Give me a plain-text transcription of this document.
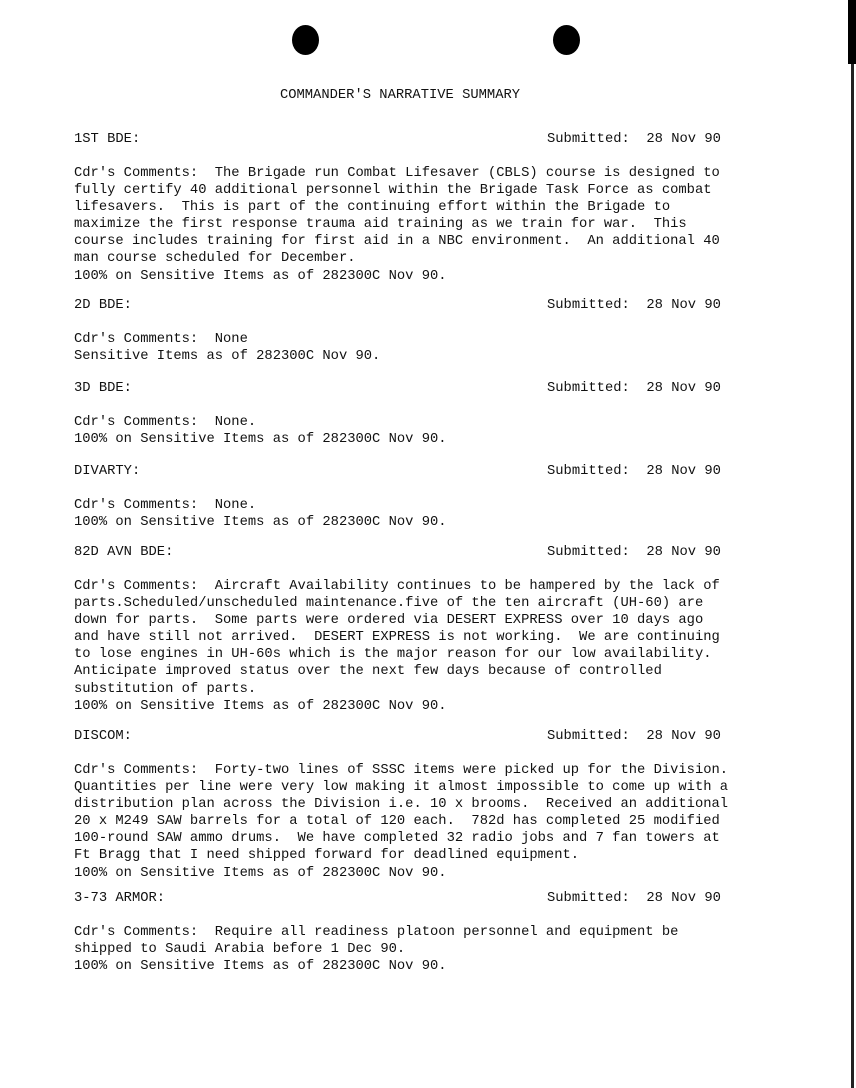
COMMANDER'S NARRATIVE SUMMARY
1ST BDE:	Submitted: 28 Nov 90
Cdr's Comments:  The Brigade run Combat Lifesaver (CBLS) course is designed to
fully certify 40 additional personnel within the Brigade Task Force as combat
lifesavers.  This is part of the continuing effort within the Brigade to
maximize the first response trauma aid training as we train for war.  This
course includes training for first aid in a NBC environment.  An additional 40
man course scheduled for December.
100% on Sensitive Items as of 282300C Nov 90.
2D BDE:	Submitted: 28 Nov 90
Cdr's Comments:  None
Sensitive Items as of 282300C Nov 90.
3D BDE:	Submitted: 28 Nov 90
Cdr's Comments:  None.
100% on Sensitive Items as of 282300C Nov 90.
DIVARTY:	Submitted: 28 Nov 90
Cdr's Comments:  None.
100% on Sensitive Items as of 282300C Nov 90.
82D AVN BDE:	Submitted: 28 Nov 90
Cdr's Comments:  Aircraft Availability continues to be hampered by the lack of
parts.Scheduled/unscheduled maintenance.five of the ten aircraft (UH-60) are
down for parts.  Some parts were ordered via DESERT EXPRESS over 10 days ago
and have still not arrived.  DESERT EXPRESS is not working.  We are continuing
to lose engines in UH-60s which is the major reason for our low availability.
Anticipate improved status over the next few days because of controlled
substitution of parts.
100% on Sensitive Items as of 282300C Nov 90.
DISCOM:	Submitted: 28 Nov 90
Cdr's Comments:  Forty-two lines of SSSC items were picked up for the Division.
Quantities per line were very low making it almost impossible to come up with a
distribution plan across the Division i.e. 10 x brooms.  Received an additional
20 x M249 SAW barrels for a total of 120 each.  782d has completed 25 modified
100-round SAW ammo drums.  We have completed 32 radio jobs and 7 fan towers at
Ft Bragg that I need shipped forward for deadlined equipment.
100% on Sensitive Items as of 282300C Nov 90.
3-73 ARMOR:	Submitted: 28 Nov 90
Cdr's Comments:  Require all readiness platoon personnel and equipment be
shipped to Saudi Arabia before 1 Dec 90.
100% on Sensitive Items as of 282300C Nov 90.
